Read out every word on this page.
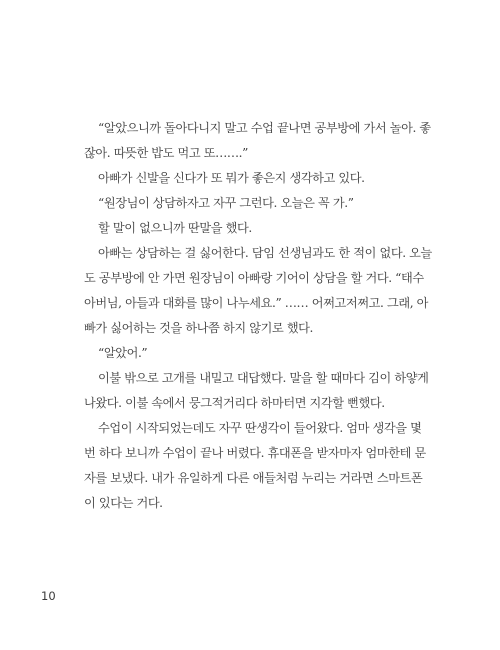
“알았으니까 돌아다니지 말고 수업 끝나면 공부방에 가서 놀아. 좋
잖아. 따뜻한 밥도 먹고 또…….”

아빠가 신발을 신다가 또 뭐가 좋은지 생각하고 있다.

“원장님이 상담하자고 자꾸 그런다. 오늘은 꼭 가.”

할 말이 없으니까 딴말을 했다.

아빠는 상담하는 걸 싫어한다. 담임 선생님과도 한 적이 없다. 오늘
도 공부방에 안 가면 원장님이 아빠랑 기어이 상담을 할 거다. “태수
아버님, 아들과 대화를 많이 나누세요.” …… 어쩌고저쩌고. 그래, 아
빠가 싫어하는 것을 하나쯤 하지 않기로 했다.

“알았어.”

이불 밖으로 고개를 내밀고 대답했다. 말을 할 때마다 김이 하얗게
나왔다. 이불 속에서 뭉그적거리다 하마터면 지각할 뻔했다.

수업이 시작되었는데도 자꾸 딴생각이 들어왔다. 엄마 생각을 몇
번 하다 보니까 수업이 끝나 버렸다. 휴대폰을 받자마자 엄마한테 문
자를 보냈다. 내가 유일하게 다른 애들처럼 누리는 거라면 스마트폰
이 있다는 거다.

10
